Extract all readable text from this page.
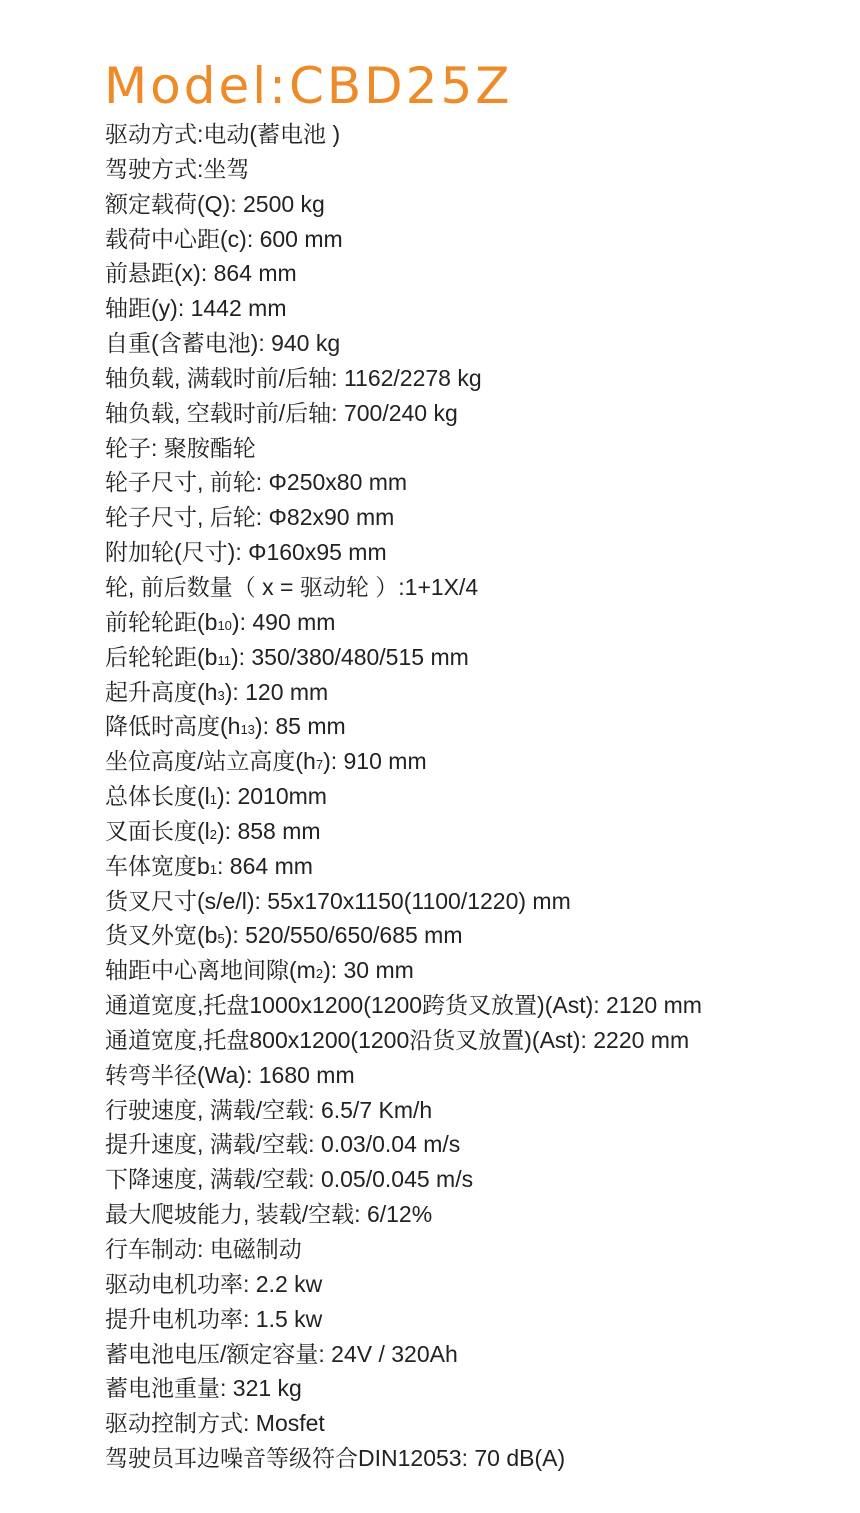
Model:CBD25Z
驱动方式:电动(蓄电池 )
驾驶方式:坐驾
额定载荷(Q): 2500 kg
载荷中心距(c): 600 mm
前悬距(x): 864 mm
轴距(y): 1442 mm
自重(含蓄电池): 940 kg
轴负载, 满载时前/后轴: 1162/2278 kg
轴负载, 空载时前/后轴: 700/240 kg
轮子: 聚胺酯轮
轮子尺寸, 前轮: Φ250x80 mm
轮子尺寸, 后轮: Φ82x90 mm
附加轮(尺寸): Φ160x95 mm
轮, 前后数量（ x = 驱动轮 ）:1+1X/4
前轮轮距(b10): 490 mm
后轮轮距(b11): 350/380/480/515 mm
起升高度(h3): 120 mm
降低时高度(h13): 85 mm
坐位高度/站立高度(h7): 910 mm
总体长度(l1): 2010mm
叉面长度(l2): 858 mm
车体宽度b1: 864 mm
货叉尺寸(s/e/l): 55x170x1150(1100/1220) mm
货叉外宽(b5): 520/550/650/685 mm
轴距中心离地间隙(m2): 30 mm
通道宽度,托盘1000x1200(1200跨货叉放置)(Ast): 2120 mm
通道宽度,托盘800x1200(1200沿货叉放置)(Ast): 2220 mm
转弯半径(Wa): 1680 mm
行驶速度, 满载/空载: 6.5/7 Km/h
提升速度, 满载/空载: 0.03/0.04 m/s
下降速度, 满载/空载: 0.05/0.045 m/s
最大爬坡能力, 装载/空载: 6/12%
行车制动: 电磁制动
驱动电机功率: 2.2 kw
提升电机功率: 1.5 kw
蓄电池电压/额定容量: 24V / 320Ah
蓄电池重量: 321 kg
驱动控制方式: Mosfet
驾驶员耳边噪音等级符合DIN12053: 70 dB(A)
